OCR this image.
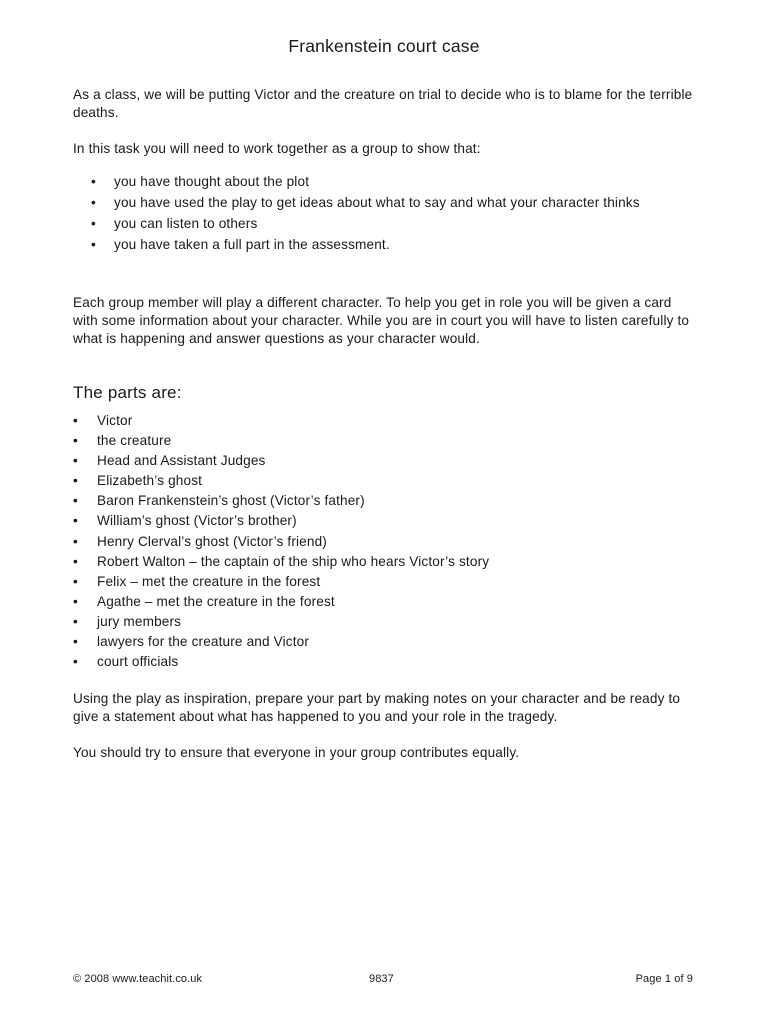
Frankenstein court case
As a class, we will be putting Victor and the creature on trial to decide who is to blame for the terrible deaths.
In this task you will need to work together as a group to show that:
• you have thought about the plot
• you have used the play to get ideas about what to say and what your character thinks
• you can listen to others
• you have taken a full part in the assessment.
Each group member will play a different character. To help you get in role you will be given a card with some information about your character. While you are in court you will have to listen carefully to what is happening and answer questions as your character would.
The parts are:
• Victor
• the creature
• Head and Assistant Judges
• Elizabeth’s ghost
• Baron Frankenstein’s ghost (Victor’s father)
• William’s ghost (Victor’s brother)
• Henry Clerval’s ghost (Victor’s friend)
• Robert Walton – the captain of the ship who hears Victor’s story
• Felix – met the creature in the forest
• Agathe – met the creature in the forest
• jury members
• lawyers for the creature and Victor
• court officials
Using the play as inspiration, prepare your part by making notes on your character and be ready to give a statement about what has happened to you and your role in the tragedy.
You should try to ensure that everyone in your group contributes equally.
© 2008 www.teachit.co.uk	9837	Page 1 of 9
